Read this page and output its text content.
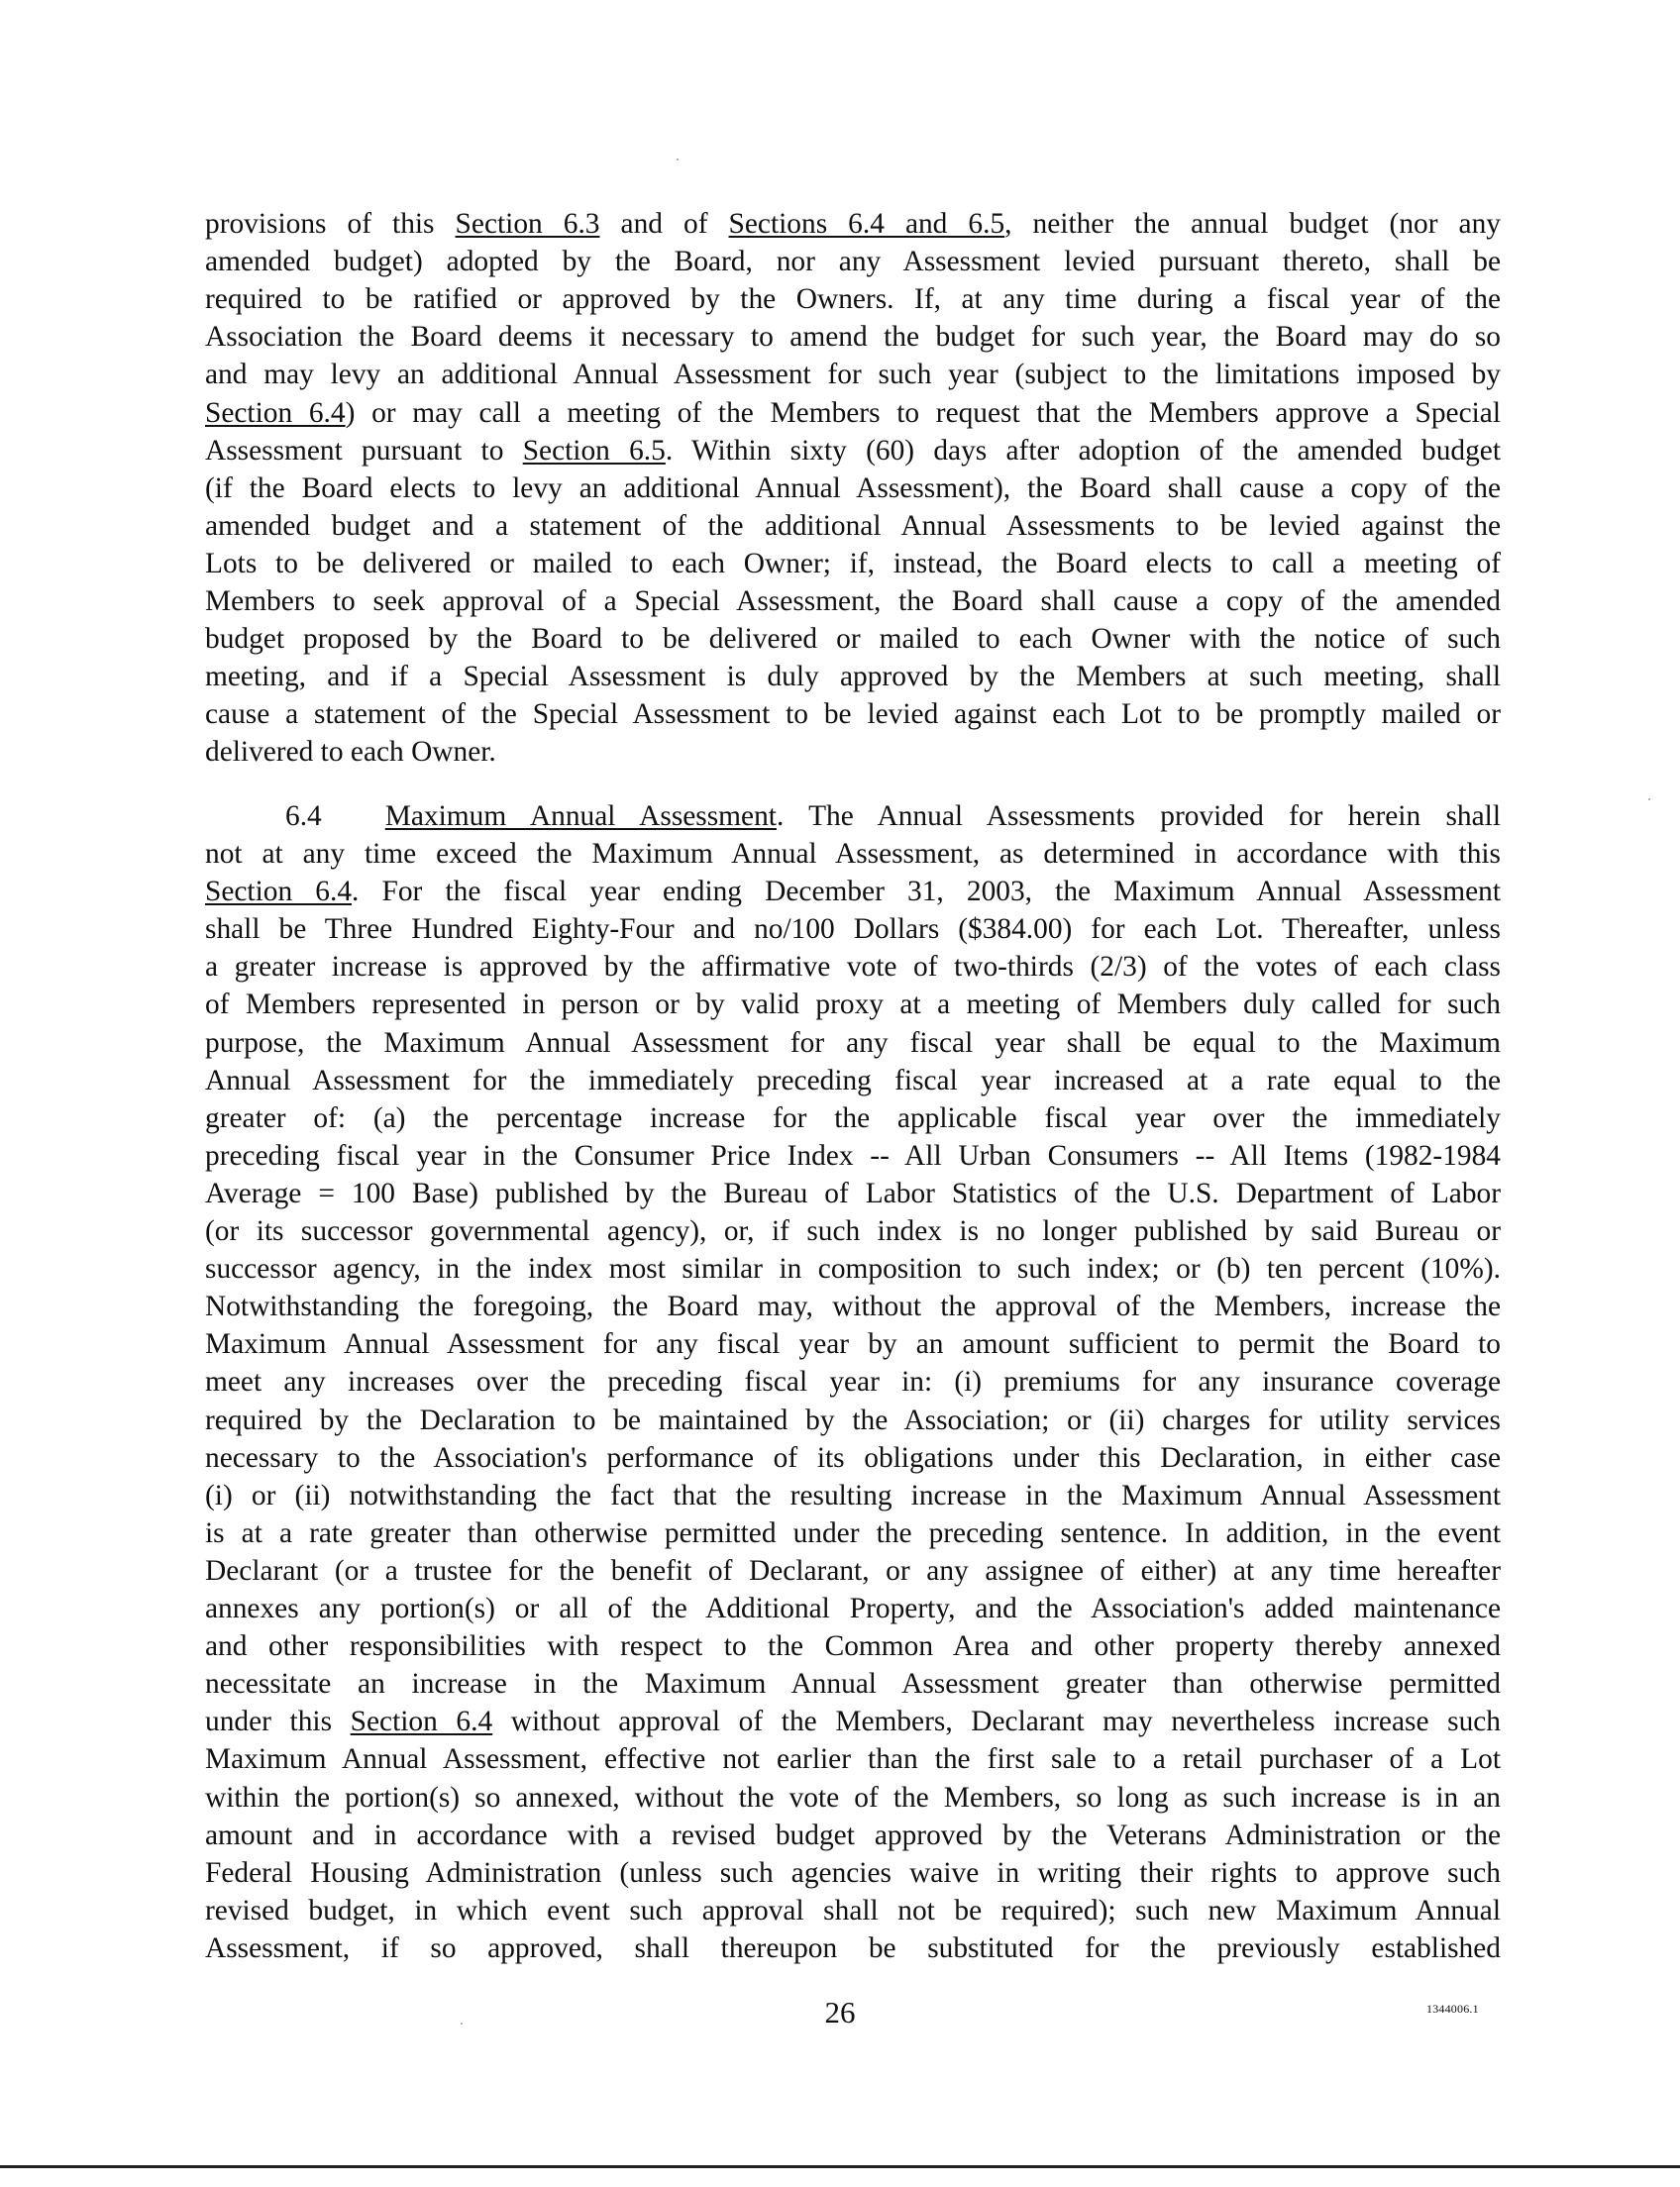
provisions of this Section 6.3 and of Sections 6.4 and 6.5, neither the annual budget (nor any
amended budget) adopted by the Board, nor any Assessment levied pursuant thereto, shall be
required to be ratified or approved by the Owners. If, at any time during a fiscal year of the
Association the Board deems it necessary to amend the budget for such year, the Board may do so
and may levy an additional Annual Assessment for such year (subject to the limitations imposed by
Section 6.4) or may call a meeting of the Members to request that the Members approve a Special
Assessment pursuant to Section 6.5. Within sixty (60) days after adoption of the amended budget
(if the Board elects to levy an additional Annual Assessment), the Board shall cause a copy of the
amended budget and a statement of the additional Annual Assessments to be levied against the
Lots to be delivered or mailed to each Owner; if, instead, the Board elects to call a meeting of
Members to seek approval of a Special Assessment, the Board shall cause a copy of the amended
budget proposed by the Board to be delivered or mailed to each Owner with the notice of such
meeting, and if a Special Assessment is duly approved by the Members at such meeting, shall
cause a statement of the Special Assessment to be levied against each Lot to be promptly mailed or
delivered to each Owner.
6.4 Maximum Annual Assessment. The Annual Assessments provided for herein shall
not at any time exceed the Maximum Annual Assessment, as determined in accordance with this
Section 6.4. For the fiscal year ending December 31, 2003, the Maximum Annual Assessment
shall be Three Hundred Eighty-Four and no/100 Dollars ($384.00) for each Lot. Thereafter, unless
a greater increase is approved by the affirmative vote of two-thirds (2/3) of the votes of each class
of Members represented in person or by valid proxy at a meeting of Members duly called for such
purpose, the Maximum Annual Assessment for any fiscal year shall be equal to the Maximum
Annual Assessment for the immediately preceding fiscal year increased at a rate equal to the
greater of: (a) the percentage increase for the applicable fiscal year over the immediately
preceding fiscal year in the Consumer Price Index -- All Urban Consumers -- All Items (1982-1984
Average = 100 Base) published by the Bureau of Labor Statistics of the U.S. Department of Labor
(or its successor governmental agency), or, if such index is no longer published by said Bureau or
successor agency, in the index most similar in composition to such index; or (b) ten percent (10%).
Notwithstanding the foregoing, the Board may, without the approval of the Members, increase the
Maximum Annual Assessment for any fiscal year by an amount sufficient to permit the Board to
meet any increases over the preceding fiscal year in: (i) premiums for any insurance coverage
required by the Declaration to be maintained by the Association; or (ii) charges for utility services
necessary to the Association's performance of its obligations under this Declaration, in either case
(i) or (ii) notwithstanding the fact that the resulting increase in the Maximum Annual Assessment
is at a rate greater than otherwise permitted under the preceding sentence. In addition, in the event
Declarant (or a trustee for the benefit of Declarant, or any assignee of either) at any time hereafter
annexes any portion(s) or all of the Additional Property, and the Association's added maintenance
and other responsibilities with respect to the Common Area and other property thereby annexed
necessitate an increase in the Maximum Annual Assessment greater than otherwise permitted
under this Section 6.4 without approval of the Members, Declarant may nevertheless increase such
Maximum Annual Assessment, effective not earlier than the first sale to a retail purchaser of a Lot
within the portion(s) so annexed, without the vote of the Members, so long as such increase is in an
amount and in accordance with a revised budget approved by the Veterans Administration or the
Federal Housing Administration (unless such agencies waive in writing their rights to approve such
revised budget, in which event such approval shall not be required); such new Maximum Annual
Assessment, if so approved, shall thereupon be substituted for the previously established
26	1344006.1
